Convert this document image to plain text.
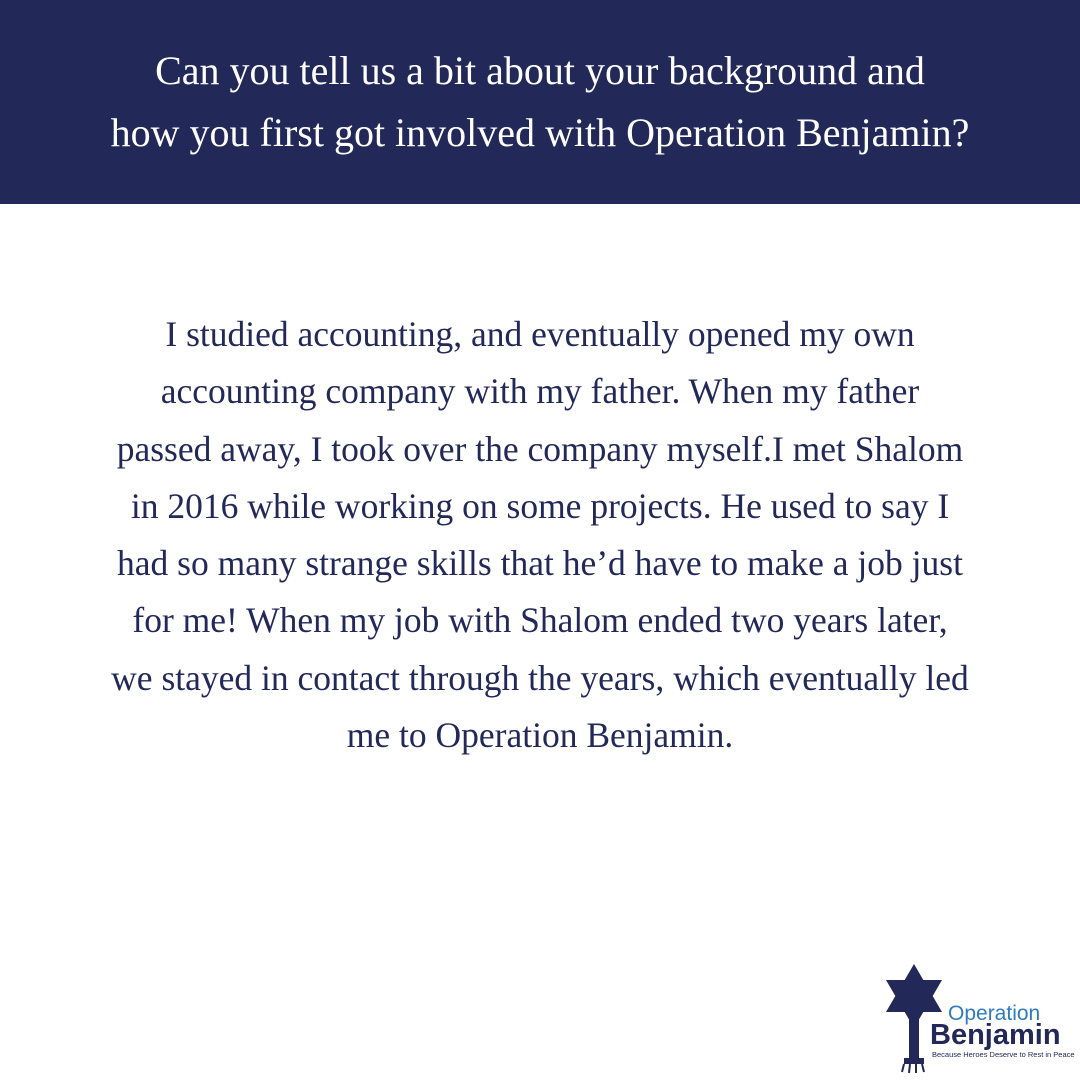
Can you tell us a bit about your background and
how you first got involved with Operation Benjamin?

I studied accounting, and eventually opened my own accounting company with my father. When my father passed away, I took over the company myself.I met Shalom in 2016 while working on some projects. He used to say I had so many strange skills that he’d have to make a job just for me! When my job with Shalom ended two years later, we stayed in contact through the years, which eventually led me to Operation Benjamin.

Operation
Benjamin
Because Heroes Deserve to Rest in Peace
